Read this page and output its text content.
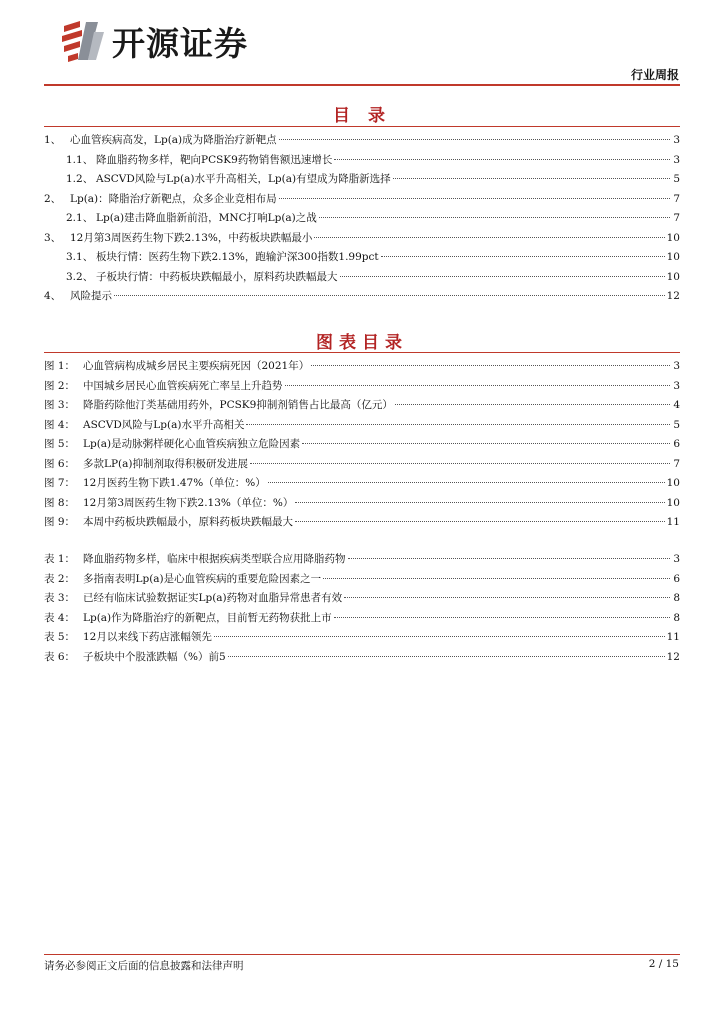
开源证券
行业周报
目 录
1、 心血管疾病高发，Lp(a)成为降脂治疗新靶点	3
1.1、 降血脂药物多样，靶向PCSK9药物销售额迅速增长	3
1.2、 ASCVD风险与Lp(a)水平升高相关，Lp(a)有望成为降脂新选择	5
2、 Lp(a)：降脂治疗新靶点，众多企业竞相布局	7
2.1、 Lp(a)建击降血脂新前沿，MNC打响Lp(a)之战	7
3、 12月第3周医药生物下跌2.13%，中药板块跌幅最小	10
3.1、 板块行情：医药生物下跌2.13%，跑输沪深300指数1.99pct	10
3.2、 子板块行情：中药板块跌幅最小，原料药块跌幅最大	10
4、 风险提示	12
图表目录
图 1： 心血管病构成城乡居民主要疾病死因（2021年）	3
图 2： 中国城乡居民心血管疾病死亡率呈上升趋势	3
图 3： 降脂药除他汀类基础用药外，PCSK9抑制剂销售占比最高（亿元）	4
图 4： ASCVD风险与Lp(a)水平升高相关	5
图 5： Lp(a)是动脉粥样硬化心血管疾病独立危险因素	6
图 6： 多款LP(a)抑制剂取得积极研发进展	7
图 7： 12月医药生物下跌1.47%（单位：%）	10
图 8： 12月第3周医药生物下跌2.13%（单位：%）	10
图 9： 本周中药板块跌幅最小，原料药板块跌幅最大	11
表 1： 降血脂药物多样，临床中根据疾病类型联合应用降脂药物	3
表 2： 多指南表明Lp(a)是心血管疾病的重要危险因素之一	6
表 3： 已经有临床试验数据证实Lp(a)药物对血脂异常患者有效	8
表 4： Lp(a)作为降脂治疗的新靶点，目前暂无药物获批上市	8
表 5： 12月以来线下药店涨幅领先	11
表 6： 子板块中个股涨跌幅（%）前5	12
请务必参阅正文后面的信息披露和法律声明	2 / 15
